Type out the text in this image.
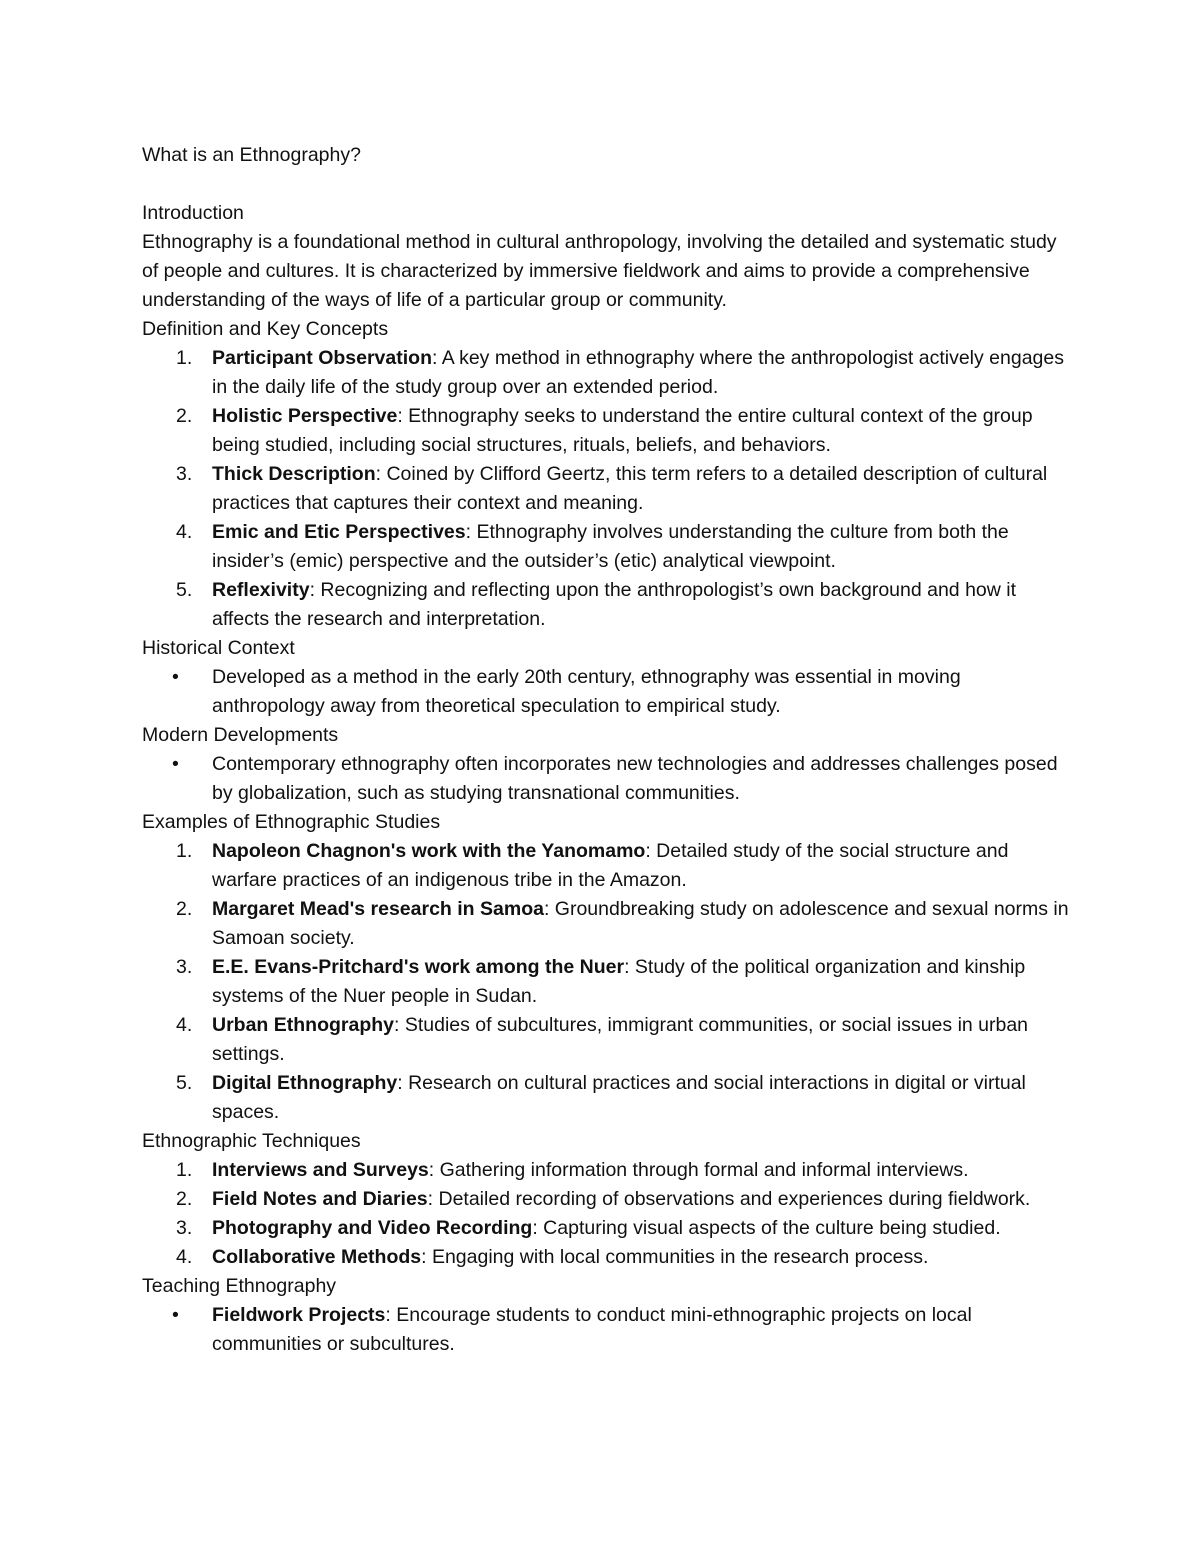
What is an Ethnography?

Introduction

Ethnography is a foundational method in cultural anthropology, involving the detailed and systematic study of people and cultures. It is characterized by immersive fieldwork and aims to provide a comprehensive understanding of the ways of life of a particular group or community.

Definition and Key Concepts

1. Participant Observation: A key method in ethnography where the anthropologist actively engages in the daily life of the study group over an extended period.
2. Holistic Perspective: Ethnography seeks to understand the entire cultural context of the group being studied, including social structures, rituals, beliefs, and behaviors.
3. Thick Description: Coined by Clifford Geertz, this term refers to a detailed description of cultural practices that captures their context and meaning.
4. Emic and Etic Perspectives: Ethnography involves understanding the culture from both the insider’s (emic) perspective and the outsider’s (etic) analytical viewpoint.
5. Reflexivity: Recognizing and reflecting upon the anthropologist’s own background and how it affects the research and interpretation.

Historical Context

• Developed as a method in the early 20th century, ethnography was essential in moving anthropology away from theoretical speculation to empirical study.

Modern Developments

• Contemporary ethnography often incorporates new technologies and addresses challenges posed by globalization, such as studying transnational communities.

Examples of Ethnographic Studies

1. Napoleon Chagnon's work with the Yanomamo: Detailed study of the social structure and warfare practices of an indigenous tribe in the Amazon.
2. Margaret Mead's research in Samoa: Groundbreaking study on adolescence and sexual norms in Samoan society.
3. E.E. Evans-Pritchard's work among the Nuer: Study of the political organization and kinship systems of the Nuer people in Sudan.
4. Urban Ethnography: Studies of subcultures, immigrant communities, or social issues in urban settings.
5. Digital Ethnography: Research on cultural practices and social interactions in digital or virtual spaces.

Ethnographic Techniques

1. Interviews and Surveys: Gathering information through formal and informal interviews.
2. Field Notes and Diaries: Detailed recording of observations and experiences during fieldwork.
3. Photography and Video Recording: Capturing visual aspects of the culture being studied.
4. Collaborative Methods: Engaging with local communities in the research process.

Teaching Ethnography

• Fieldwork Projects: Encourage students to conduct mini-ethnographic projects on local communities or subcultures.
